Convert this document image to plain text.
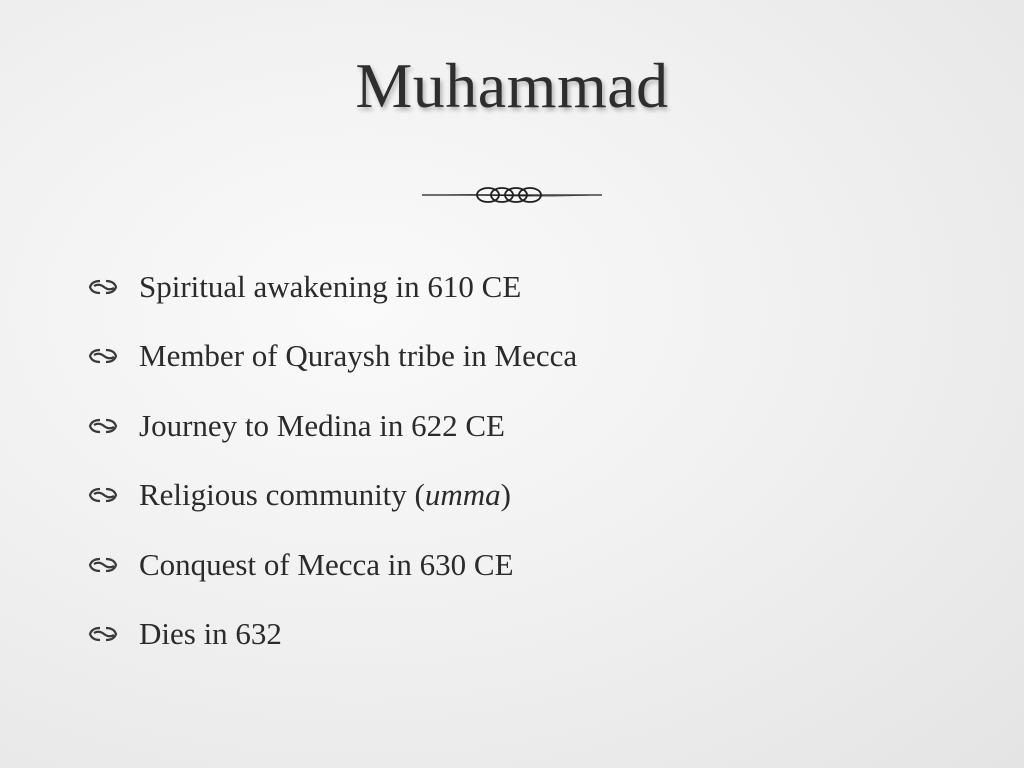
Muhammad
Spiritual awakening in 610 CE
Member of Quraysh tribe in Mecca
Journey to Medina in 622 CE
Religious community (umma)
Conquest of Mecca in 630 CE
Dies in 632
